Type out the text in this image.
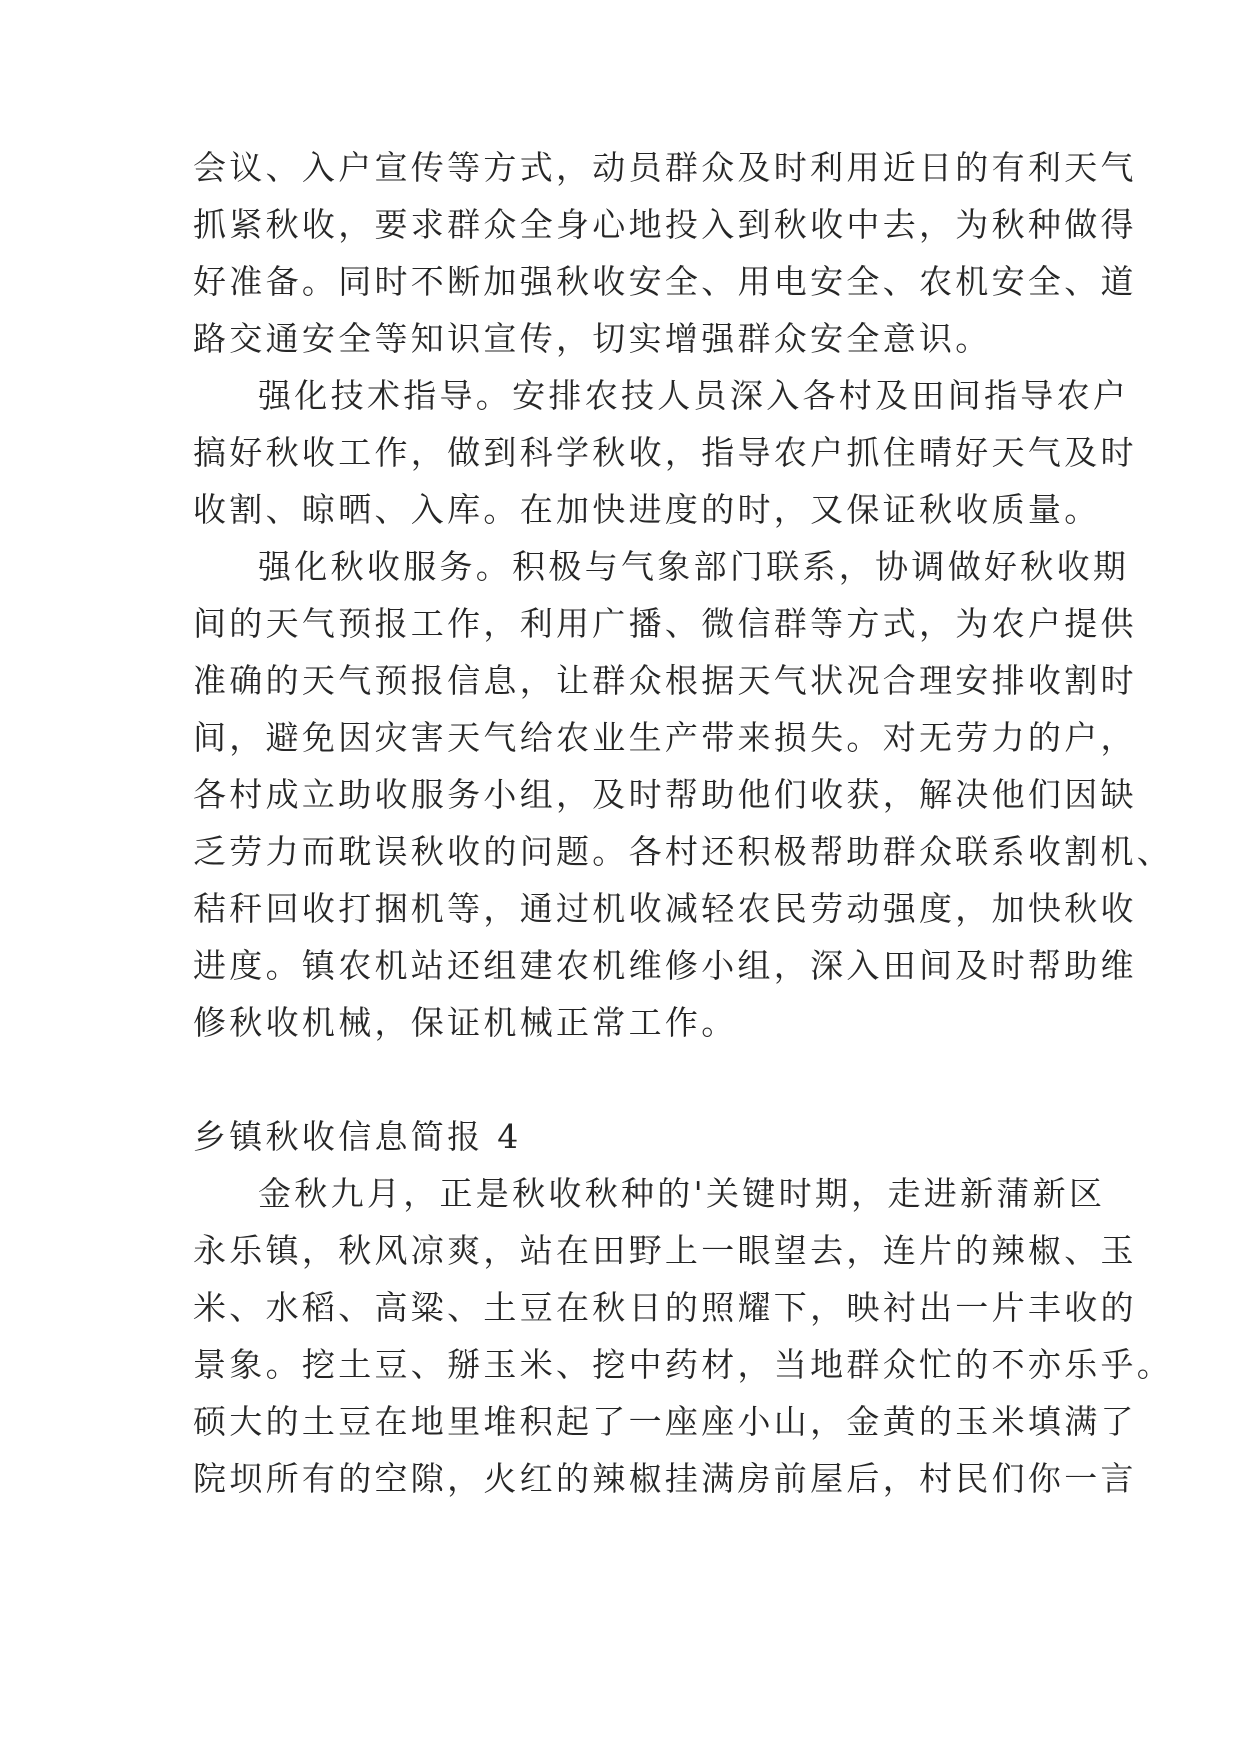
会议、入户宣传等方式，动员群众及时利用近日的有利天气
抓紧秋收，要求群众全身心地投入到秋收中去，为秋种做得
好准备。同时不断加强秋收安全、用电安全、农机安全、道
路交通安全等知识宣传，切实增强群众安全意识。
强化技术指导。安排农技人员深入各村及田间指导农户
搞好秋收工作，做到科学秋收，指导农户抓住晴好天气及时
收割、晾晒、入库。在加快进度的时，又保证秋收质量。
强化秋收服务。积极与气象部门联系，协调做好秋收期
间的天气预报工作，利用广播、微信群等方式，为农户提供
准确的天气预报信息，让群众根据天气状况合理安排收割时
间，避免因灾害天气给农业生产带来损失。对无劳力的户，
各村成立助收服务小组，及时帮助他们收获，解决他们因缺
乏劳力而耽误秋收的问题。各村还积极帮助群众联系收割机、
秸秆回收打捆机等，通过机收减轻农民劳动强度，加快秋收
进度。镇农机站还组建农机维修小组，深入田间及时帮助维
修秋收机械，保证机械正常工作。
乡镇秋收信息简报 4
金秋九月，正是秋收秋种的'关键时期，走进新蒲新区
永乐镇，秋风凉爽，站在田野上一眼望去，连片的辣椒、玉
米、水稻、高粱、土豆在秋日的照耀下，映衬出一片丰收的
景象。挖土豆、掰玉米、挖中药材，当地群众忙的不亦乐乎。
硕大的土豆在地里堆积起了一座座小山，金黄的玉米填满了
院坝所有的空隙，火红的辣椒挂满房前屋后，村民们你一言
